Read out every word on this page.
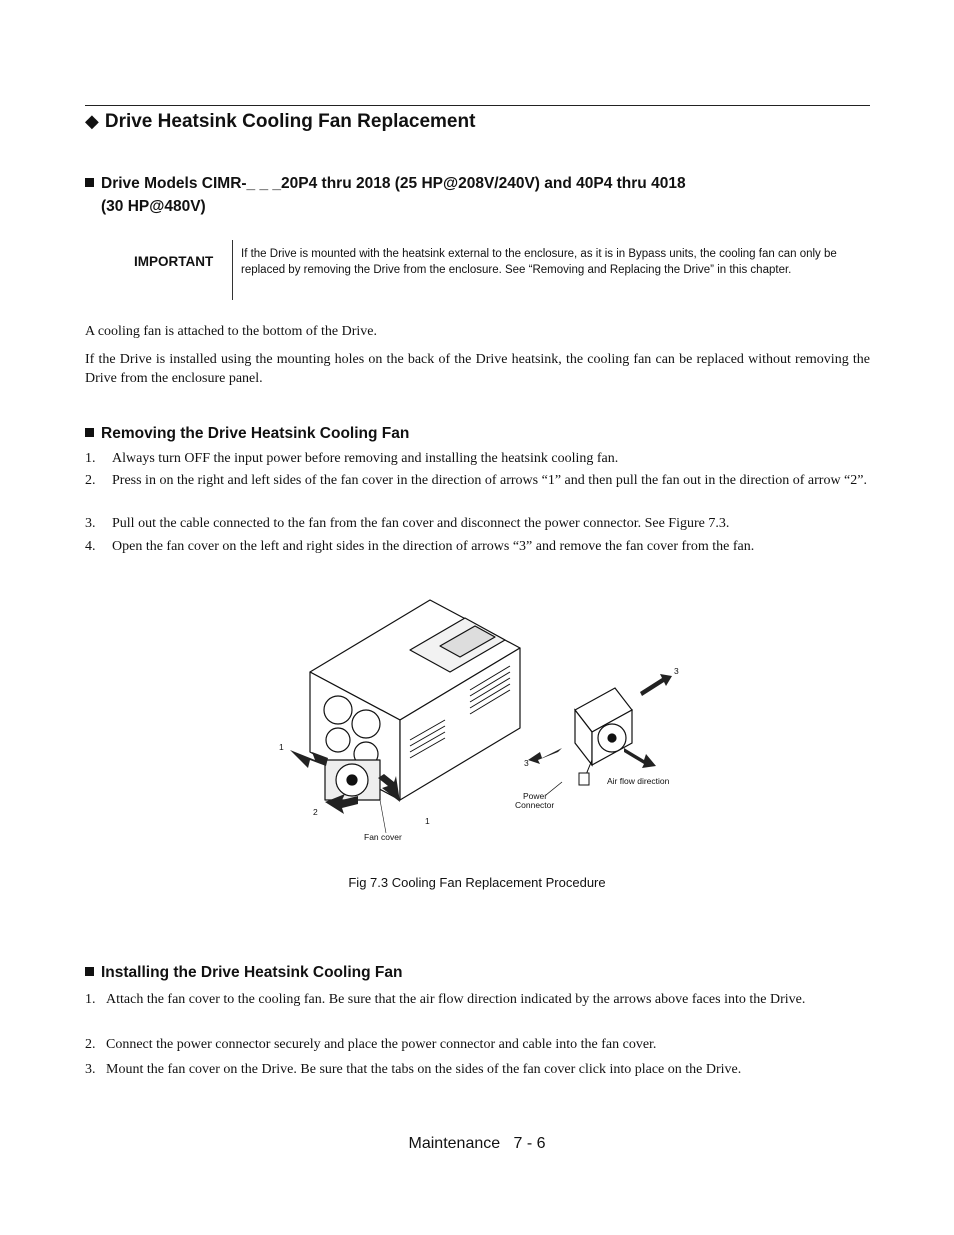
◆ Drive Heatsink Cooling Fan Replacement
Drive Models CIMR-_ _ _20P4 thru 2018 (25 HP@208V/240V) and 40P4 thru 4018
(30 HP@480V)
IMPORTANT If the Drive is mounted with the heatsink external to the enclosure, as it is in Bypass units, the cooling fan can only be replaced by removing the Drive from the enclosure. See “Removing and Replacing the Drive” in this chapter.
A cooling fan is attached to the bottom of the Drive.
If the Drive is installed using the mounting holes on the back of the Drive heatsink, the cooling fan can be replaced without removing the Drive from the enclosure panel.
Removing the Drive Heatsink Cooling Fan
1. Always turn OFF the input power before removing and installing the heatsink cooling fan.
2. Press in on the right and left sides of the fan cover in the direction of arrows “1” and then pull the fan out in the direction of arrow “2”.
3. Pull out the cable connected to the fan from the fan cover and disconnect the power connector. See Figure 7.3.
4. Open the fan cover on the left and right sides in the direction of arrows “3” and remove the fan cover from the fan.
1
1
2
3
3
Fan cover
Power
Connector
Air flow direction
Fig 7.3 Cooling Fan Replacement Procedure
Installing the Drive Heatsink Cooling Fan
1. Attach the fan cover to the cooling fan. Be sure that the air flow direction indicated by the arrows above faces into the Drive.
2. Connect the power connector securely and place the power connector and cable into the fan cover.
3. Mount the fan cover on the Drive. Be sure that the tabs on the sides of the fan cover click into place on the Drive.
Maintenance   7 - 6
